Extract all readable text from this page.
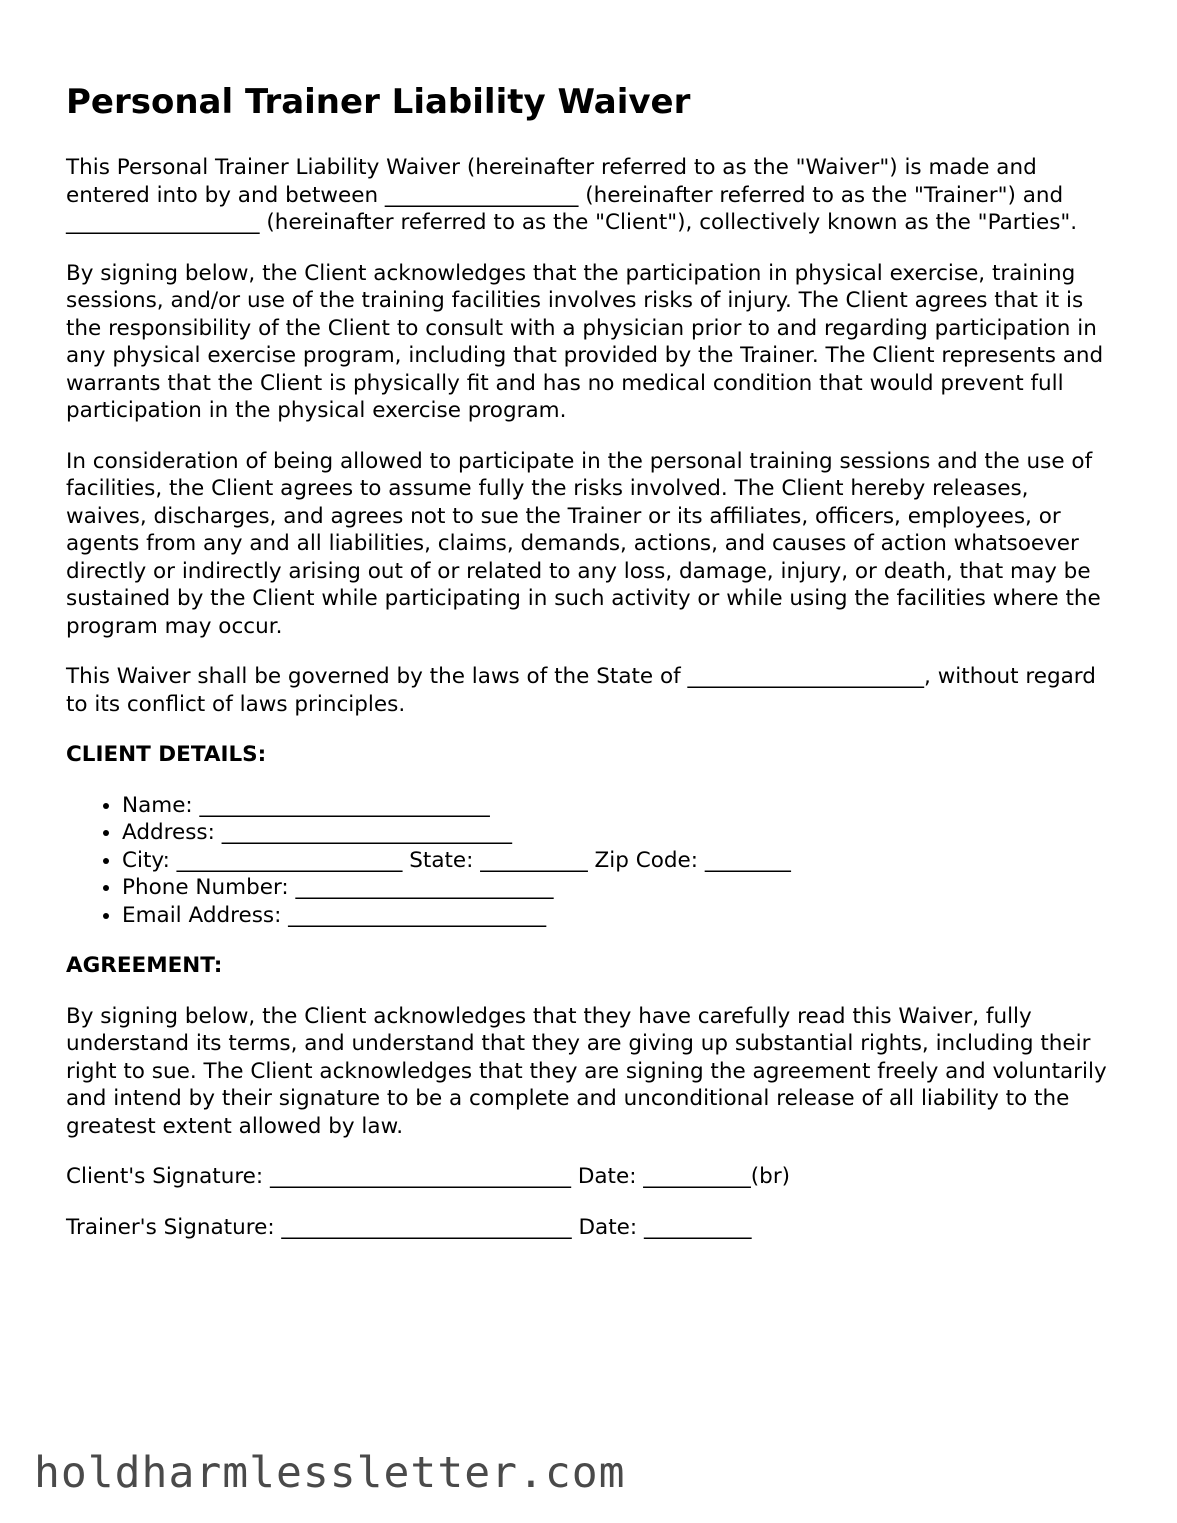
Personal Trainer Liability Waiver

This Personal Trainer Liability Waiver (hereinafter referred to as the "Waiver") is made and entered into by and between __________________ (hereinafter referred to as the "Trainer") and __________________ (hereinafter referred to as the "Client"), collectively known as the "Parties".

By signing below, the Client acknowledges that the participation in physical exercise, training sessions, and/or use of the training facilities involves risks of injury. The Client agrees that it is the responsibility of the Client to consult with a physician prior to and regarding participation in any physical exercise program, including that provided by the Trainer. The Client represents and warrants that the Client is physically fit and has no medical condition that would prevent full participation in the physical exercise program.

In consideration of being allowed to participate in the personal training sessions and the use of facilities, the Client agrees to assume fully the risks involved. The Client hereby releases, waives, discharges, and agrees not to sue the Trainer or its affiliates, officers, employees, or agents from any and all liabilities, claims, demands, actions, and causes of action whatsoever directly or indirectly arising out of or related to any loss, damage, injury, or death, that may be sustained by the Client while participating in such activity or while using the facilities where the program may occur.

This Waiver shall be governed by the laws of the State of ______________________, without regard to its conflict of laws principles.

CLIENT DETAILS:
• Name: ___________________________
• Address: ___________________________
• City: _____________________ State: __________ Zip Code: ________
• Phone Number: ________________________
• Email Address: ________________________
AGREEMENT:

By signing below, the Client acknowledges that they have carefully read this Waiver, fully understand its terms, and understand that they are giving up substantial rights, including their right to sue. The Client acknowledges that they are signing the agreement freely and voluntarily and intend by their signature to be a complete and unconditional release of all liability to the greatest extent allowed by law.

Client's Signature: ____________________________ Date: __________(br)
Trainer's Signature: ___________________________ Date: __________
holdharmlessletter.com
